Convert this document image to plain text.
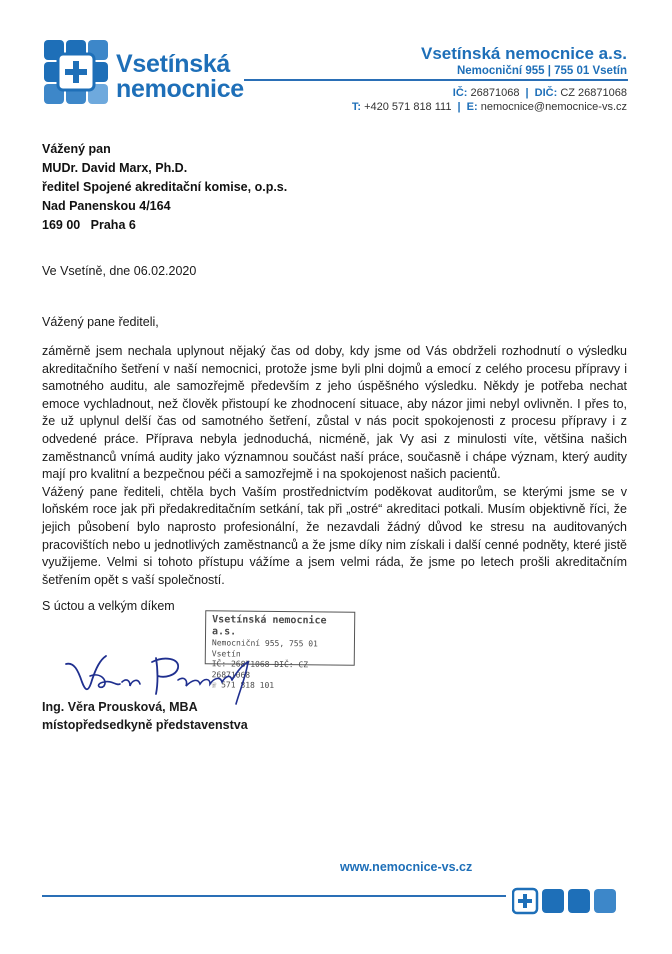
Vsetínská
nemocnice
Vsetínská nemocnice a.s.
Nemocniční 955 | 755 01 Vsetín
IČ: 26871068 | DIČ: CZ 26871068
T: +420 571 818 111 | E: nemocnice@nemocnice-vs.cz
Vážený pan
MUDr. David Marx, Ph.D.
ředitel Spojené akreditační komise, o.p.s.
Nad Panenskou 4/164
169 00   Praha 6
Ve Vsetíně, dne 06.02.2020
Vážený pane řediteli,

záměrně jsem nechala uplynout nějaký čas od doby, kdy jsme od Vás obdrželi rozhodnutí o výsledku akreditačního šetření v naší nemocnici, protože jsme byli plni dojmů a emocí z celého procesu přípravy i samotného auditu, ale samozřejmě především z jeho úspěšného výsledku. Někdy je potřeba nechat emoce vychladnout, než člověk přistoupí ke zhodnocení situace, aby názor jimi nebyl ovlivněn. I přes to, že už uplynul delší čas od samotného šetření, zůstal v nás pocit spokojenosti z procesu přípravy i z odvedené práce. Příprava nebyla jednoduchá, nicméně, jak Vy asi z minulosti víte, většina našich zaměstnanců vnímá audity jako významnou součást naší práce, současně i chápe význam, který audity mají pro kvalitní a bezpečnou péči a samozřejmě i na spokojenost našich pacientů.

Vážený pane řediteli, chtěla bych Vaším prostřednictvím poděkovat auditorům, se kterými jsme se v loňském roce jak při předakreditačním setkání, tak při „ostré“ akreditaci potkali. Musím objektivně říci, že jejich působení bylo naprosto profesionální, že nezavdali žádný důvod ke stresu na auditovaných pracovištích nebo u jednotlivých zaměstnanců a že jsme díky nim získali i další cenné podněty, které jistě využijeme. Velmi si tohoto přístupu vážíme a jsem velmi ráda, že jsme po letech prošli akreditačním šetřením opět s vaší společností.

S úctou a velkým díkem
Vsetínská nemocnice a.s.
Nemocniční 955, 755 01 Vsetín
IČ: 26871068 DIČ: CZ 26871068
☏ 571 818 101
Ing. Věra Prousková, MBA
místopředsedkyně představenstva
www.nemocnice-vs.cz
